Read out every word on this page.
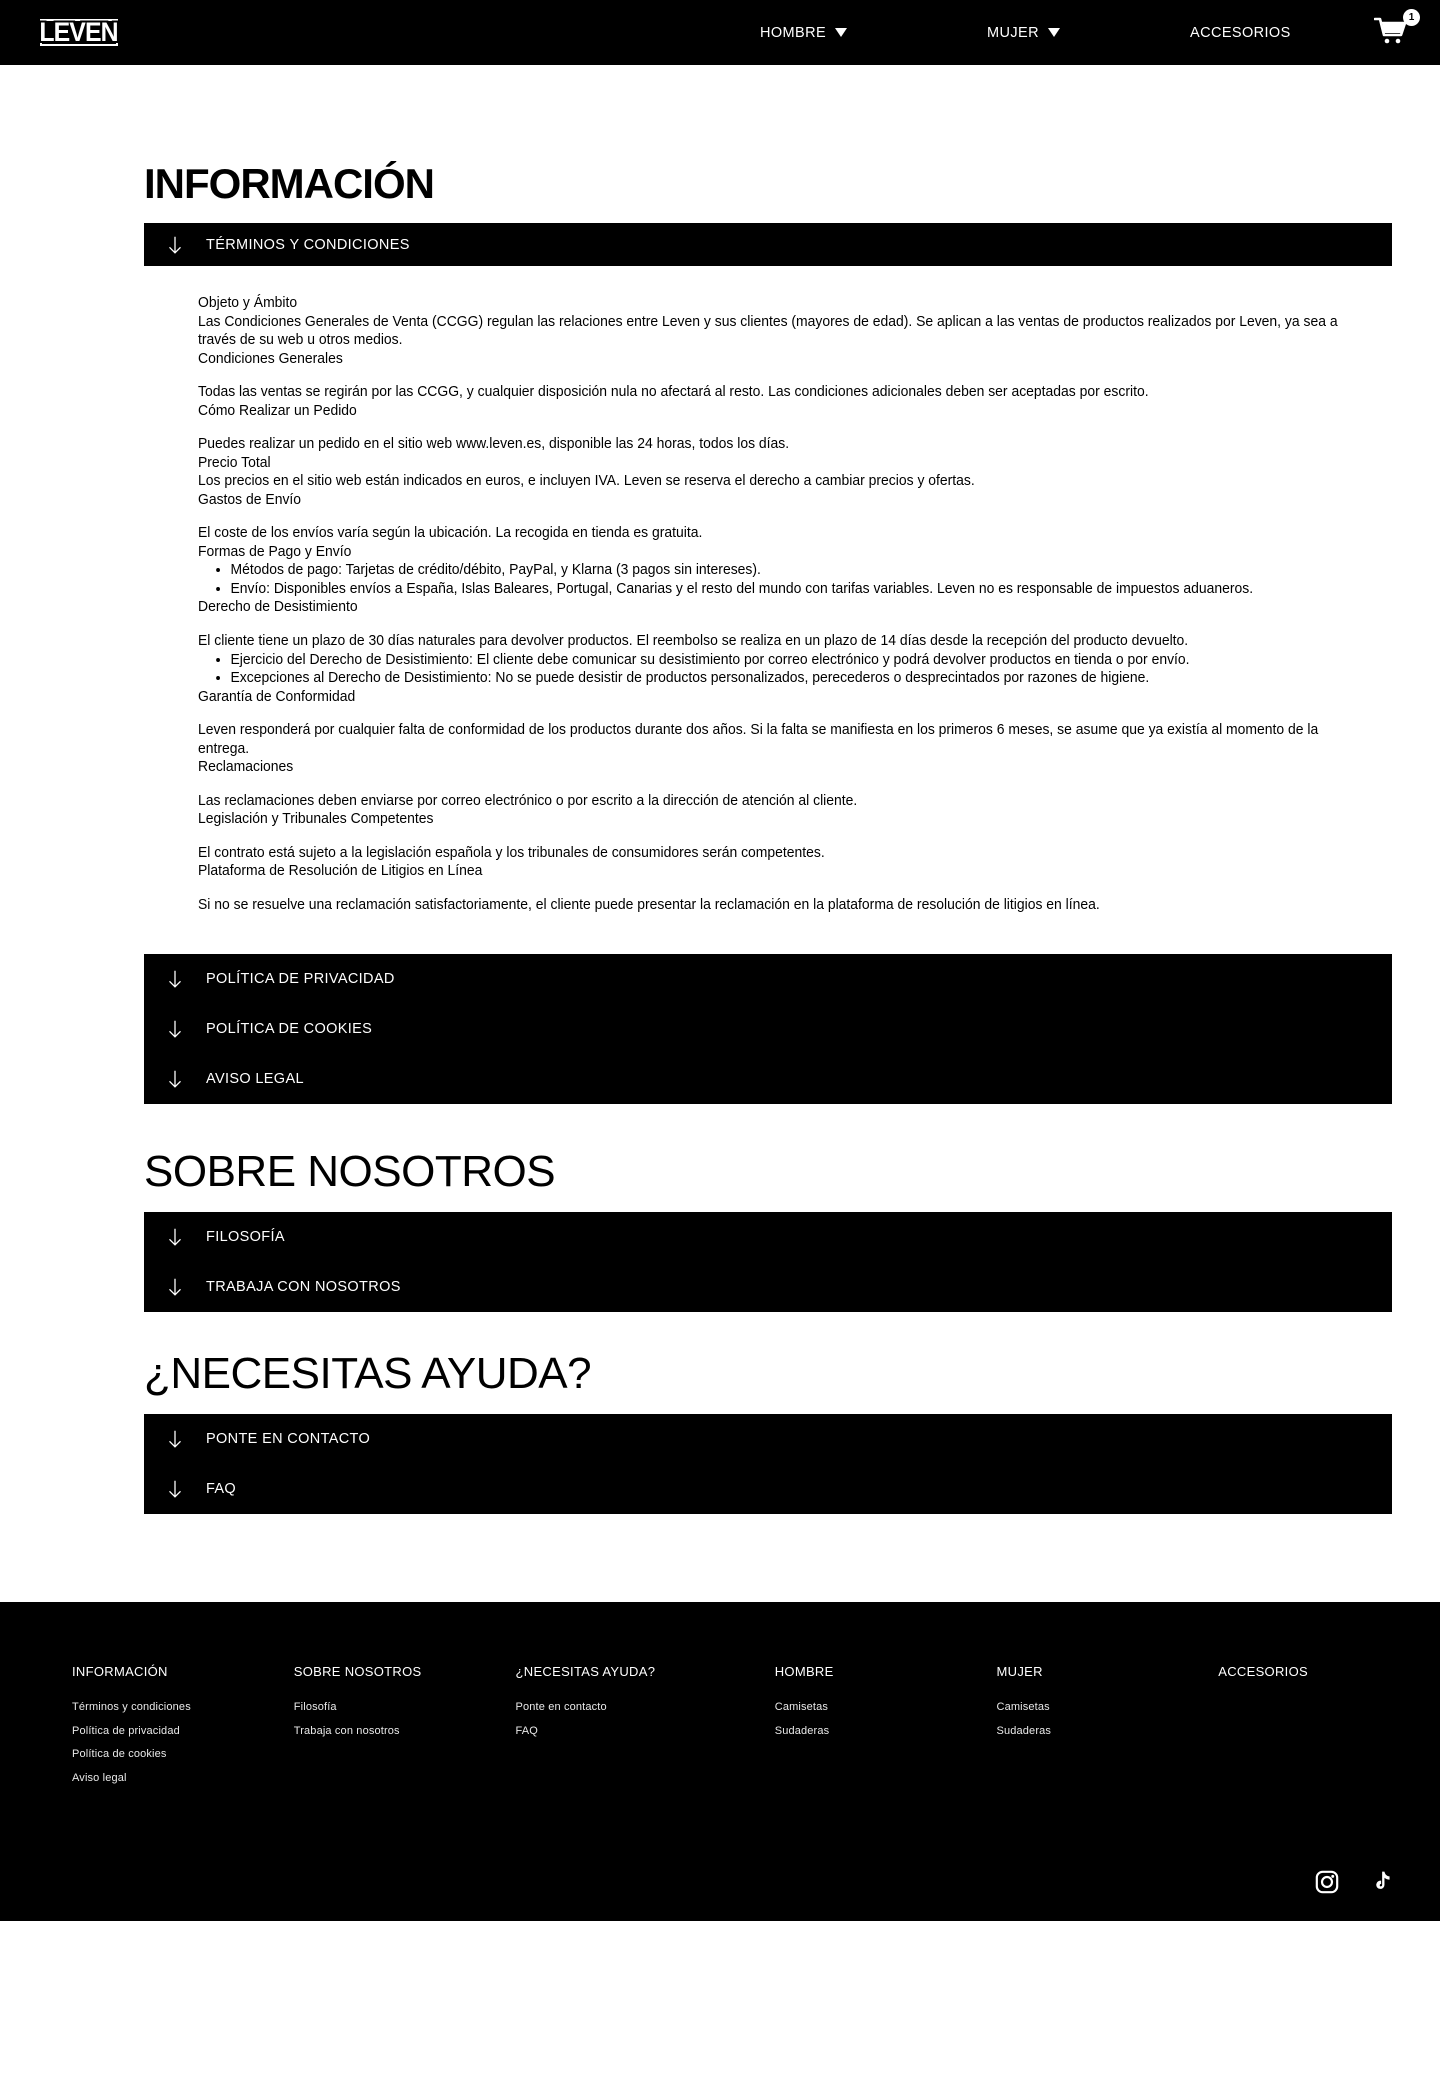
LEVEN	HOMBRE	MUJER	ACCESORIOS
1
INFORMACIÓN
TÉRMINOS Y CONDICIONES

Objeto y Ámbito

Las Condiciones Generales de Venta (CCGG) regulan las relaciones entre Leven y sus clientes (mayores de edad). Se aplican a las ventas de productos realizados por Leven, ya sea a través de su web u otros medios.

Condiciones Generales

Todas las ventas se regirán por las CCGG, y cualquier disposición nula no afectará al resto. Las condiciones adicionales deben ser aceptadas por escrito.

Cómo Realizar un Pedido

Puedes realizar un pedido en el sitio web www.leven.es, disponible las 24 horas, todos los días.

Precio Total

Los precios en el sitio web están indicados en euros, e incluyen IVA. Leven se reserva el derecho a cambiar precios y ofertas.

Gastos de Envío

El coste de los envíos varía según la ubicación. La recogida en tienda es gratuita.

Formas de Pago y Envío

• Métodos de pago: Tarjetas de crédito/débito, PayPal, y Klarna (3 pagos sin intereses).
• Envío: Disponibles envíos a España, Islas Baleares, Portugal, Canarias y el resto del mundo con tarifas variables. Leven no es responsable de impuestos aduaneros.

Derecho de Desistimiento

El cliente tiene un plazo de 30 días naturales para devolver productos. El reembolso se realiza en un plazo de 14 días desde la recepción del producto devuelto.

• Ejercicio del Derecho de Desistimiento: El cliente debe comunicar su desistimiento por correo electrónico y podrá devolver productos en tienda o por envío.
• Excepciones al Derecho de Desistimiento: No se puede desistir de productos personalizados, perecederos o desprecintados por razones de higiene.

Garantía de Conformidad

Leven responderá por cualquier falta de conformidad de los productos durante dos años. Si la falta se manifiesta en los primeros 6 meses, se asume que ya existía al momento de la entrega.

Reclamaciones

Las reclamaciones deben enviarse por correo electrónico o por escrito a la dirección de atención al cliente.

Legislación y Tribunales Competentes

El contrato está sujeto a la legislación española y los tribunales de consumidores serán competentes.

Plataforma de Resolución de Litigios en Línea

Si no se resuelve una reclamación satisfactoriamente, el cliente puede presentar la reclamación en la plataforma de resolución de litigios en línea.

POLÍTICA DE PRIVACIDAD
POLÍTICA DE COOKIES
AVISO LEGAL
SOBRE NOSOTROS
FILOSOFÍA
TRABAJA CON NOSOTROS
¿NECESITAS AYUDA?
PONTE EN CONTACTO
FAQ
INFORMACIÓN
Términos y condiciones
Política de privacidad
Política de cookies
Aviso legal
SOBRE NOSOTROS
Filosofía
Trabaja con nosotros
¿NECESITAS AYUDA?
Ponte en contacto
FAQ
HOMBRE
Camisetas
Sudaderas
MUJER
Camisetas
Sudaderas
ACCESORIOS
